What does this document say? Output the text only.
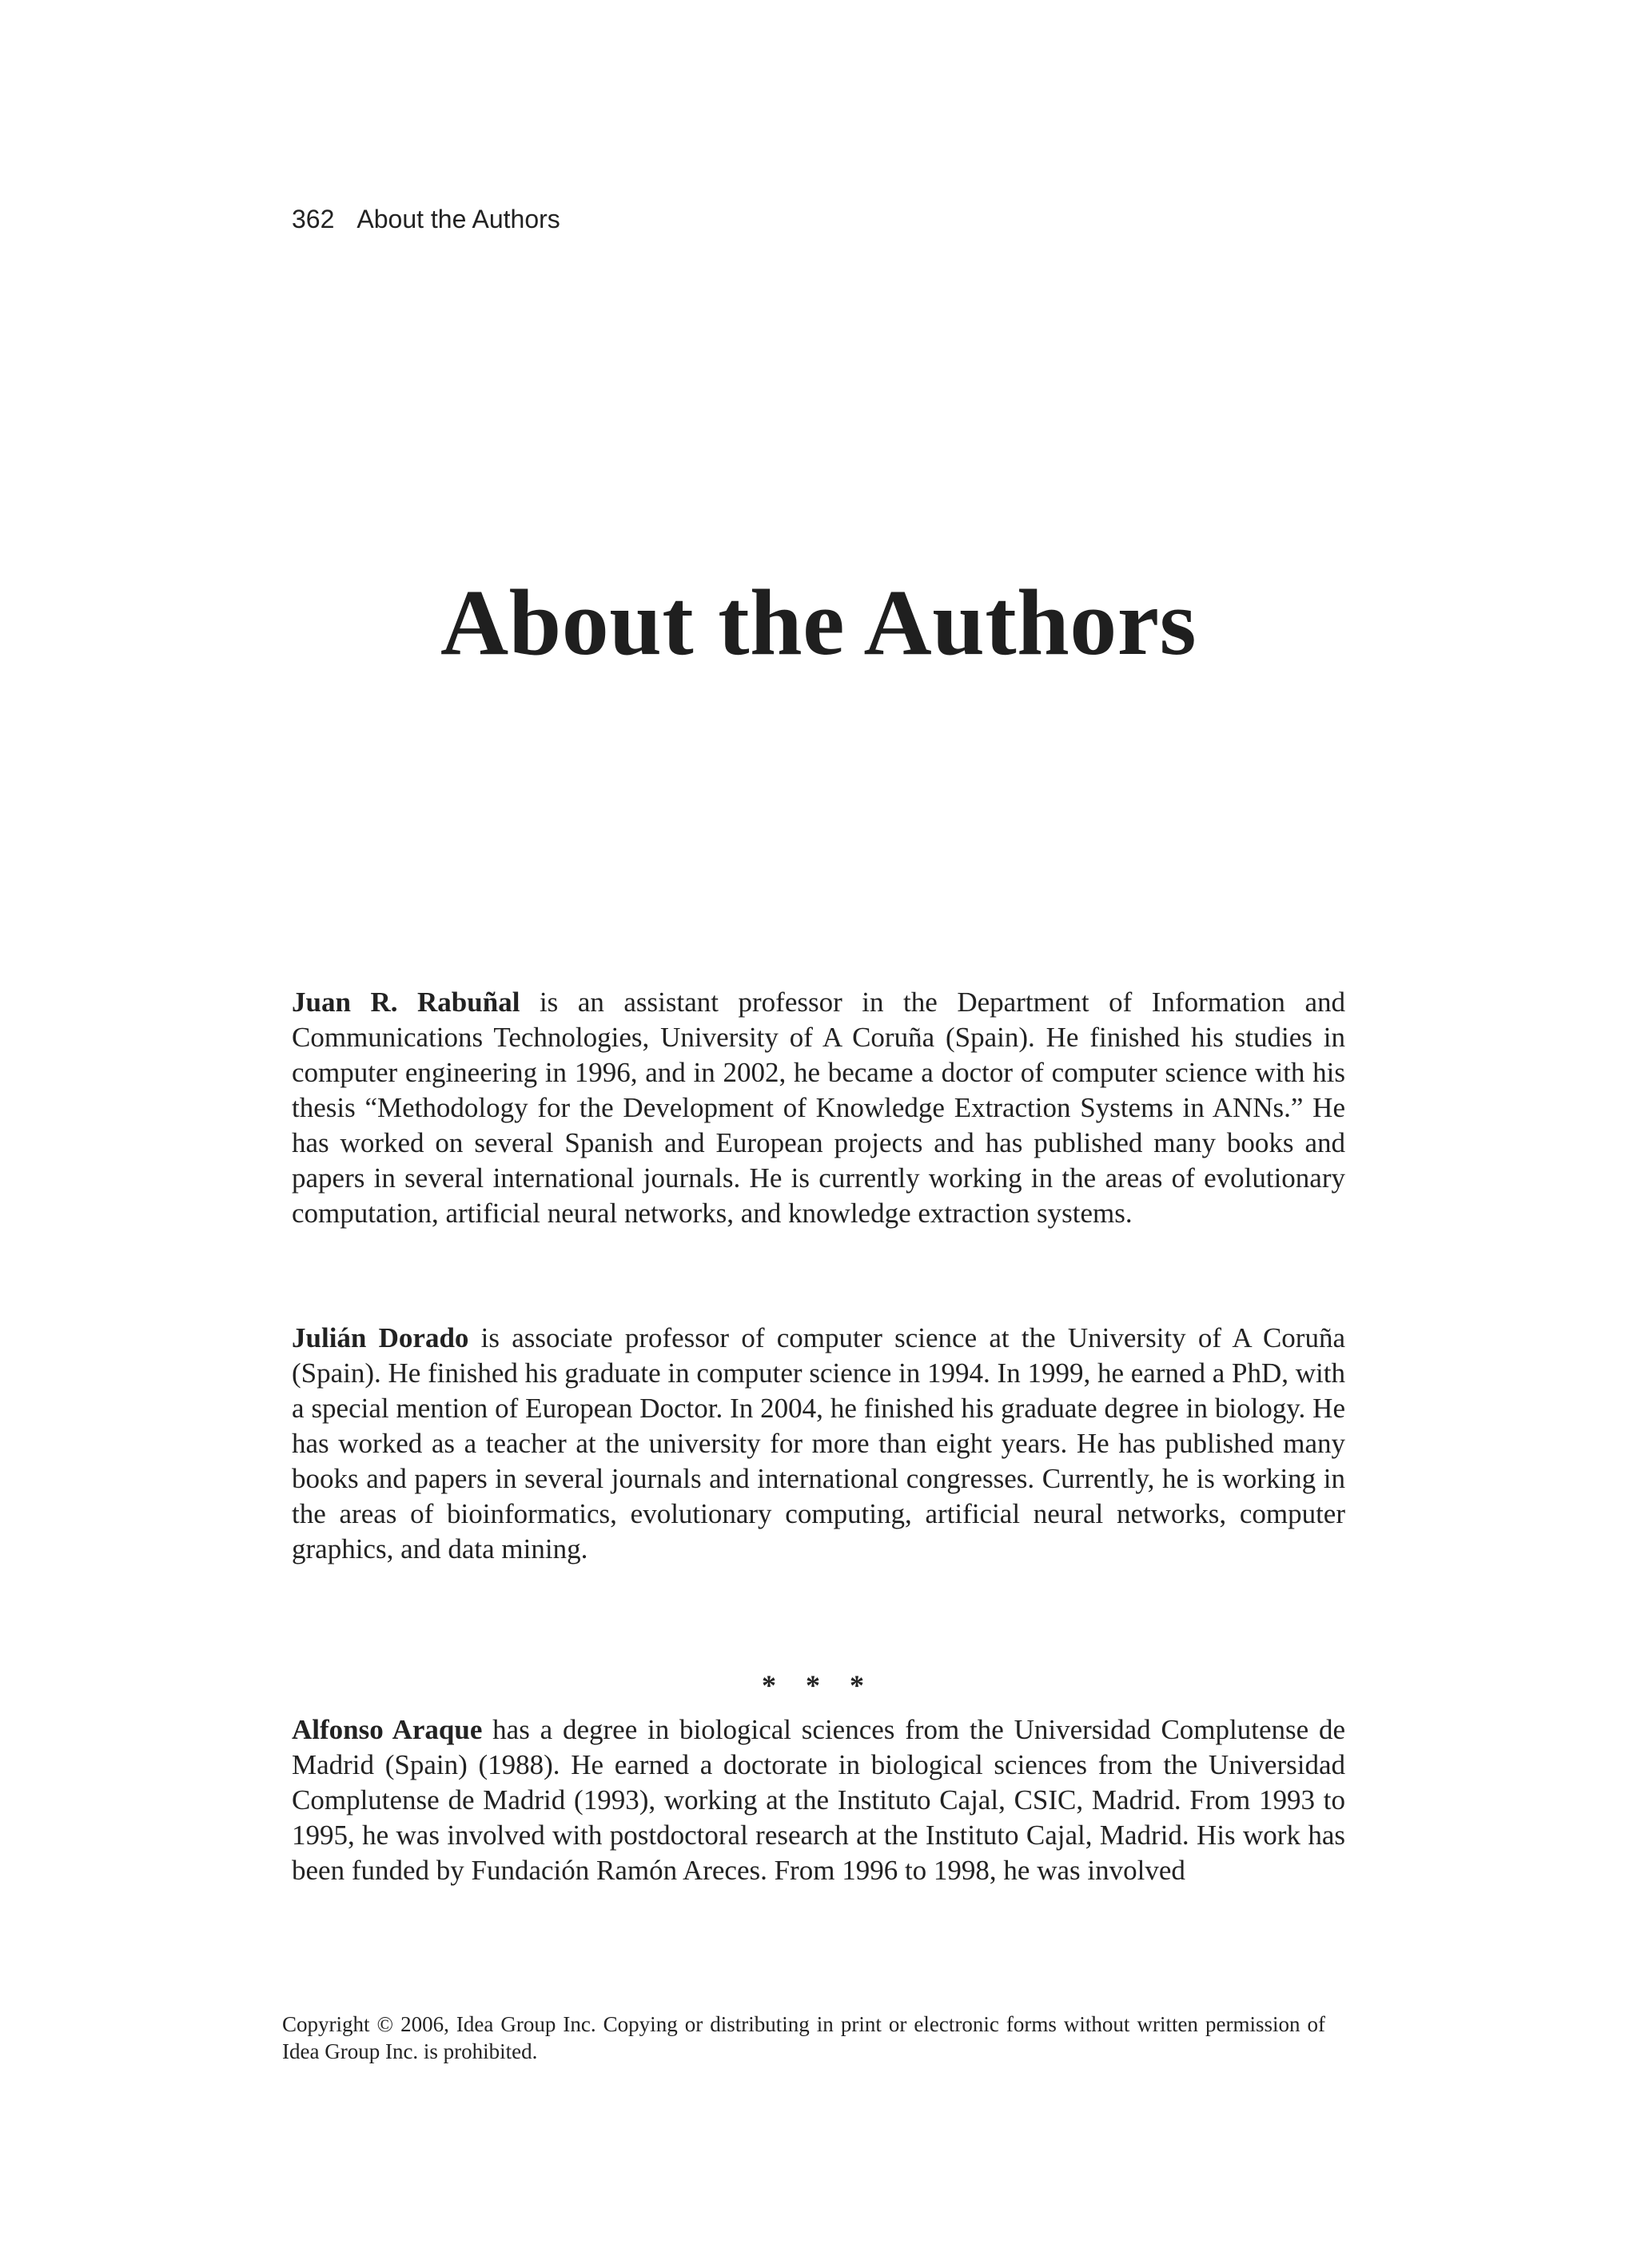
362 About the Authors
About the Authors

Juan R. Rabuñal is an assistant professor in the Department of Information and Communications Technologies, University of A Coruña (Spain). He finished his studies in computer engineering in 1996, and in 2002, he became a doctor of computer science with his thesis “Methodology for the Development of Knowledge Extraction Systems in ANNs.” He has worked on several Spanish and European projects and has published many books and papers in several international journals. He is currently working in the areas of evolutionary computation, artificial neural networks, and knowledge extraction systems.

Julián Dorado is associate professor of computer science at the University of A Coruña (Spain). He finished his graduate in computer science in 1994. In 1999, he earned a PhD, with a special mention of European Doctor. In 2004, he finished his graduate degree in biology. He has worked as a teacher at the university for more than eight years. He has published many books and papers in several journals and international congresses. Currently, he is working in the areas of bioinformatics, evolutionary computing, artificial neural networks, computer graphics, and data mining.

* * *

Alfonso Araque has a degree in biological sciences from the Universidad Complutense de Madrid (Spain) (1988). He earned a doctorate in biological sciences from the Universidad Complutense de Madrid (1993), working at the Instituto Cajal, CSIC, Madrid. From 1993 to 1995, he was involved with postdoctoral research at the Instituto Cajal, Madrid. His work has been funded by Fundación Ramón Areces. From 1996 to 1998, he was involved

Copyright © 2006, Idea Group Inc. Copying or distributing in print or electronic forms without written permission of Idea Group Inc. is prohibited.
